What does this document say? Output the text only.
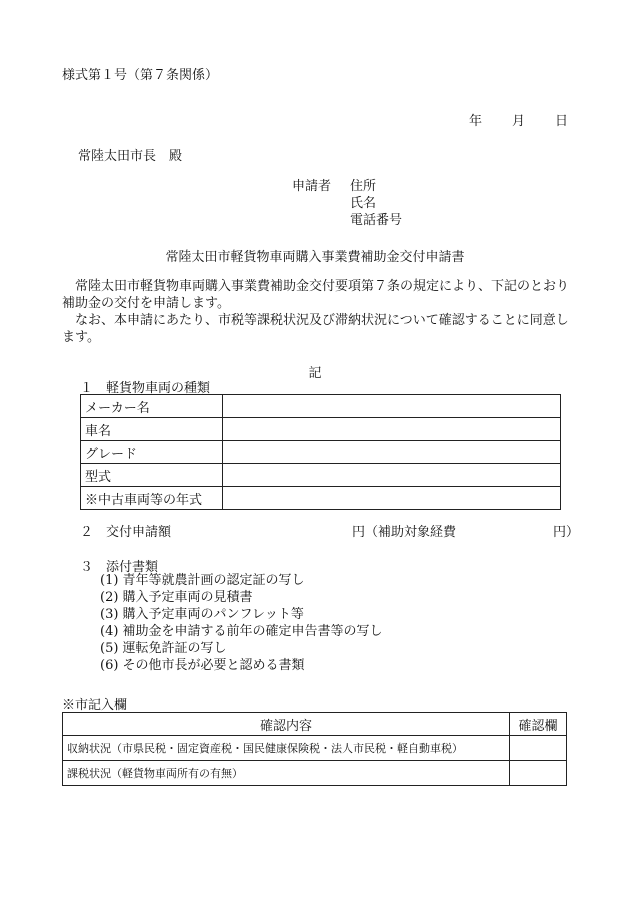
様式第１号（第７条関係）
年 月 日
常陸太田市長　殿
申請者 住所
氏名
電話番号
常陸太田市軽貨物車両購入事業費補助金交付申請書

常陸太田市軽貨物車両購入事業費補助金交付要項第７条の規定により、下記のとおり補助金の交付を申請します。

なお、本申請にあたり、市税等課税状況及び滞納状況について確認することに同意します。

記
１　軽貨物車両の種類
メーカー名	
車名	
グレード	
型式	
※中古車両等の年式	
２　交付申請額	円（補助対象経費	円）
３　添付書類
(1) 青年等就農計画の認定証の写し
(2) 購入予定車両の見積書
(3) 購入予定車両のパンフレット等
(4) 補助金を申請する前年の確定申告書等の写し
(5) 運転免許証の写し
(6) その他市長が必要と認める書類
※市記入欄
確認内容	確認欄
収納状況（市県民税・固定資産税・国民健康保険税・法人市民税・軽自動車税）	
課税状況（軽貨物車両所有の有無）	
